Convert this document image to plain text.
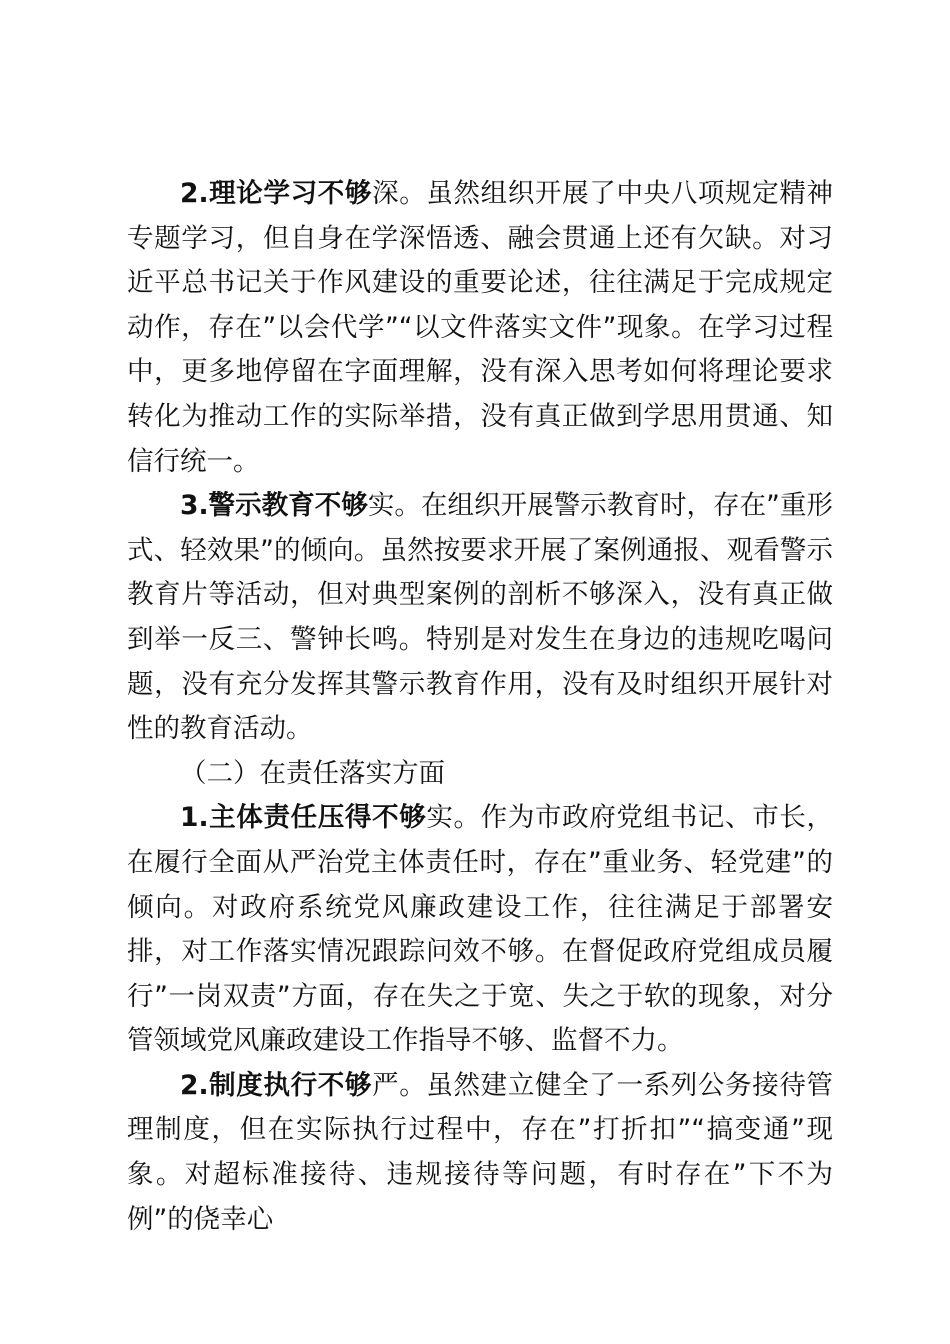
2.理论学习不够深。虽然组织开展了中央八项规定精神专题学习，但自身在学深悟透、融会贯通上还有欠缺。对习近平总书记关于作风建设的重要论述，往往满足于完成规定动作，存在”以会代学”“以文件落实文件”现象。在学习过程中，更多地停留在字面理解，没有深入思考如何将理论要求转化为推动工作的实际举措，没有真正做到学思用贯通、知信行统一。

3.警示教育不够实。在组织开展警示教育时，存在”重形式、轻效果”的倾向。虽然按要求开展了案例通报、观看警示教育片等活动，但对典型案例的剖析不够深入，没有真正做到举一反三、警钟长鸣。特别是对发生在身边的违规吃喝问题，没有充分发挥其警示教育作用，没有及时组织开展针对性的教育活动。

（二）在责任落实方面

1.主体责任压得不够实。作为市政府党组书记、市长，在履行全面从严治党主体责任时，存在”重业务、轻党建”的倾向。对政府系统党风廉政建设工作，往往满足于部署安排，对工作落实情况跟踪问效不够。在督促政府党组成员履行”一岗双责”方面，存在失之于宽、失之于软的现象，对分管领域党风廉政建设工作指导不够、监督不力。

2.制度执行不够严。虽然建立健全了一系列公务接待管理制度，但在实际执行过程中，存在”打折扣”“搞变通”现象。对超标准接待、违规接待等问题，有时存在”下不为例”的侥幸心
